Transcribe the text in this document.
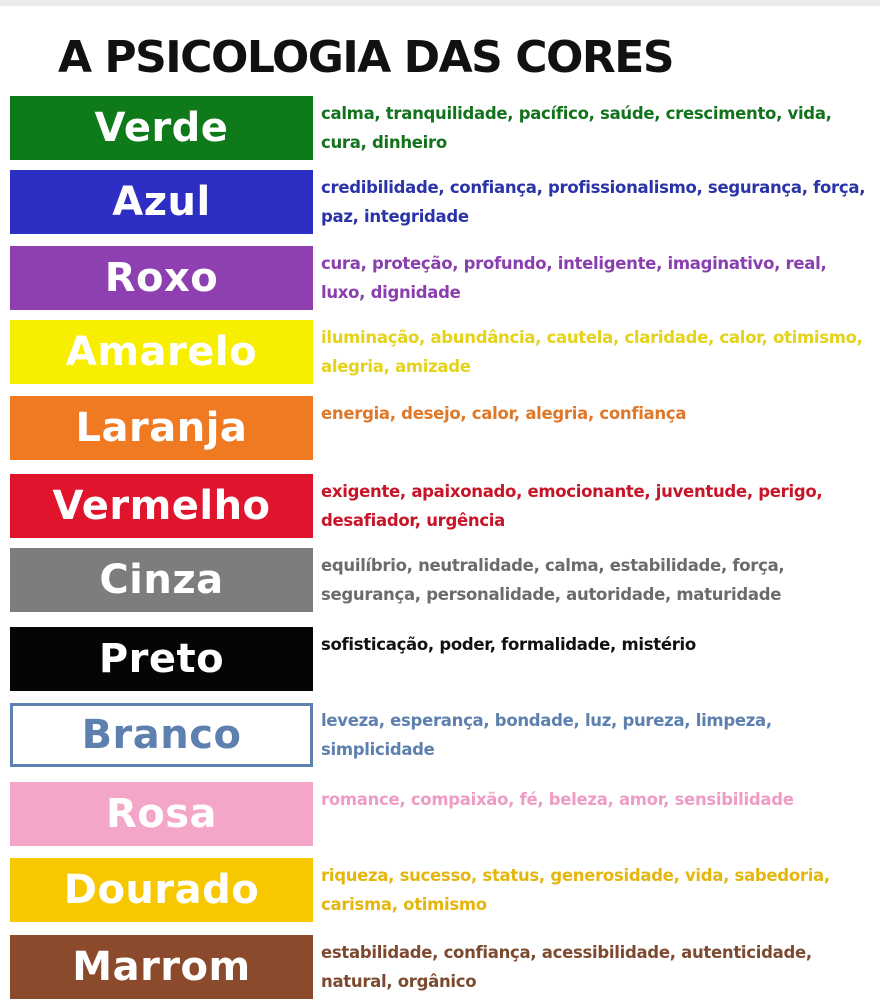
A PSICOLOGIA DAS CORES
Verde	calma, tranquilidade, pacífico, saúde, crescimento, vida, cura, dinheiro
Azul	credibilidade, confiança, profissionalismo, segurança, força, paz, integridade
Roxo	cura, proteção, profundo, inteligente, imaginativo, real, luxo, dignidade
Amarelo	iluminação, abundância, cautela, claridade, calor, otimismo, alegria, amizade
Laranja	energia, desejo, calor, alegria, confiança
Vermelho	exigente, apaixonado, emocionante, juventude, perigo, desafiador, urgência
Cinza	equilíbrio, neutralidade, calma, estabilidade, força, segurança, personalidade, autoridade, maturidade
Preto	sofisticação, poder, formalidade, mistério
Branco	leveza, esperança, bondade, luz, pureza, limpeza, simplicidade
Rosa	romance, compaixão, fé, beleza, amor, sensibilidade
Dourado	riqueza, sucesso, status, generosidade, vida, sabedoria, carisma, otimismo
Marrom	estabilidade, confiança, acessibilidade, autenticidade, natural, orgânico
